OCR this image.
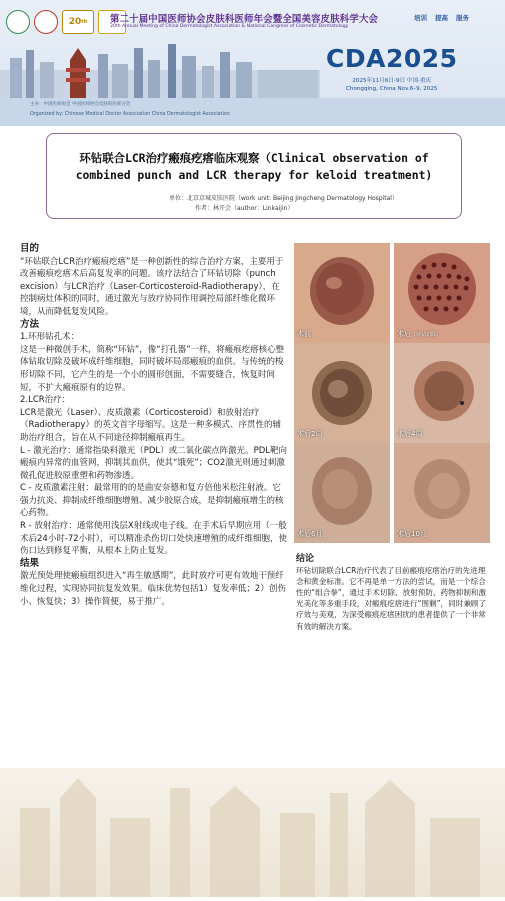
20 th 第二十届中国医师协会皮肤科医师年会暨全国美容皮肤科学大会
20th Annual Meeting of China Dermatologist Association & National Congress of Cosmetic Dermatology
培训 提高 服务
CDA2025
2025年11月6日-9日 中国·重庆
Chongqing, China Nov.6–9, 2025
主办：中国医师协会 中国医师协会皮肤科医师分会
Organized by: Chinese Medical Doctor Association China Dermatologist Association
环钻联合LCR治疗瘢痕疙瘩临床观察（Clinical observation of
combined punch and LCR therapy for keloid treatment)
单位：北京京城皮肤医院（work unit: Beijing Jingcheng Dermatology Hospital）
作者：林开会（author：Linkaijin）

目的

“环钻联合LCR治疗瘢痕疙瘩”是一种创新性的综合治疗方案，主要用于改善瘢痕疙瘩术后高复发率的问题。该疗法结合了环钻切除（punch excision）与LCR治疗（Laser-Corticosteroid-Radiotherapy），在控制病灶体积的同时，通过激光与放疗协同作用调控局部纤维化微环境，从而降低复发风险。

方法

1.环形钻孔术：

这是一种微创手术，简称“环钻”，像“打孔器”一样，将瘢痕疙瘩核心整体钻取切除及破坏成纤维细胞，同时破坏局部瘢痕的血供。与传统的梭形切除不同，它产生的是一个小的圆形创面，不需要缝合，恢复时间短，不扩大瘢痕原有的边界。

2.LCR治疗：

LCR是激光（Laser）、皮质激素（Corticosteroid）和放射治疗（Radiotherapy）的英文首字母缩写。这是一种多模式、序贯性的辅助治疗组合，旨在从不同途径抑制瘢痕再生。

L - 激光治疗：通常指染料激光（PDL）或二氧化碳点阵激光。PDL靶向瘢痕内异常的血管网，抑制其血供，使其“饿死”；CO2激光则通过刺激微孔促进胶原重塑和药物渗透。

C - 皮质激素注射：最常用的的是曲安奈德和复方倍他米松注射液。它强力抗炎、抑制成纤维细胞增殖、减少胶原合成，是抑制瘢痕增生的核心药物。

R - 放射治疗：通常使用浅层X射线或电子线。在手术后早期应用（一般术后24小时-72小时），可以精准杀伤切口处快速增殖的成纤维细胞，使伤口达到修复平衡，从根本上防止复发。

结果

激光预处理使瘢痕组织进入“再生敏感期”，此时放疗可更有效地干预纤维化过程，实现协同抗复发效果。临床优势包括1）复发率低；2）创伤小、恢复快；3）操作简便，易于推广。

术前	术后（环钻切除）
术后2周	术后4周
术后6月	术后10月
结论
环钻切除联合LCR治疗代表了目前瘢痕疙瘩治疗的先进理念和黄金标准。它不再是单一方法的尝试，而是一个综合性的“组合拳”，通过手术切除、放射预防、药物抑制和激光美化等多重手段，对瘢痕疙瘩进行“围剿”，同时兼顾了疗效与美观，为深受瘢痕疙瘩困扰的患者提供了一个非常有效的解决方案。
